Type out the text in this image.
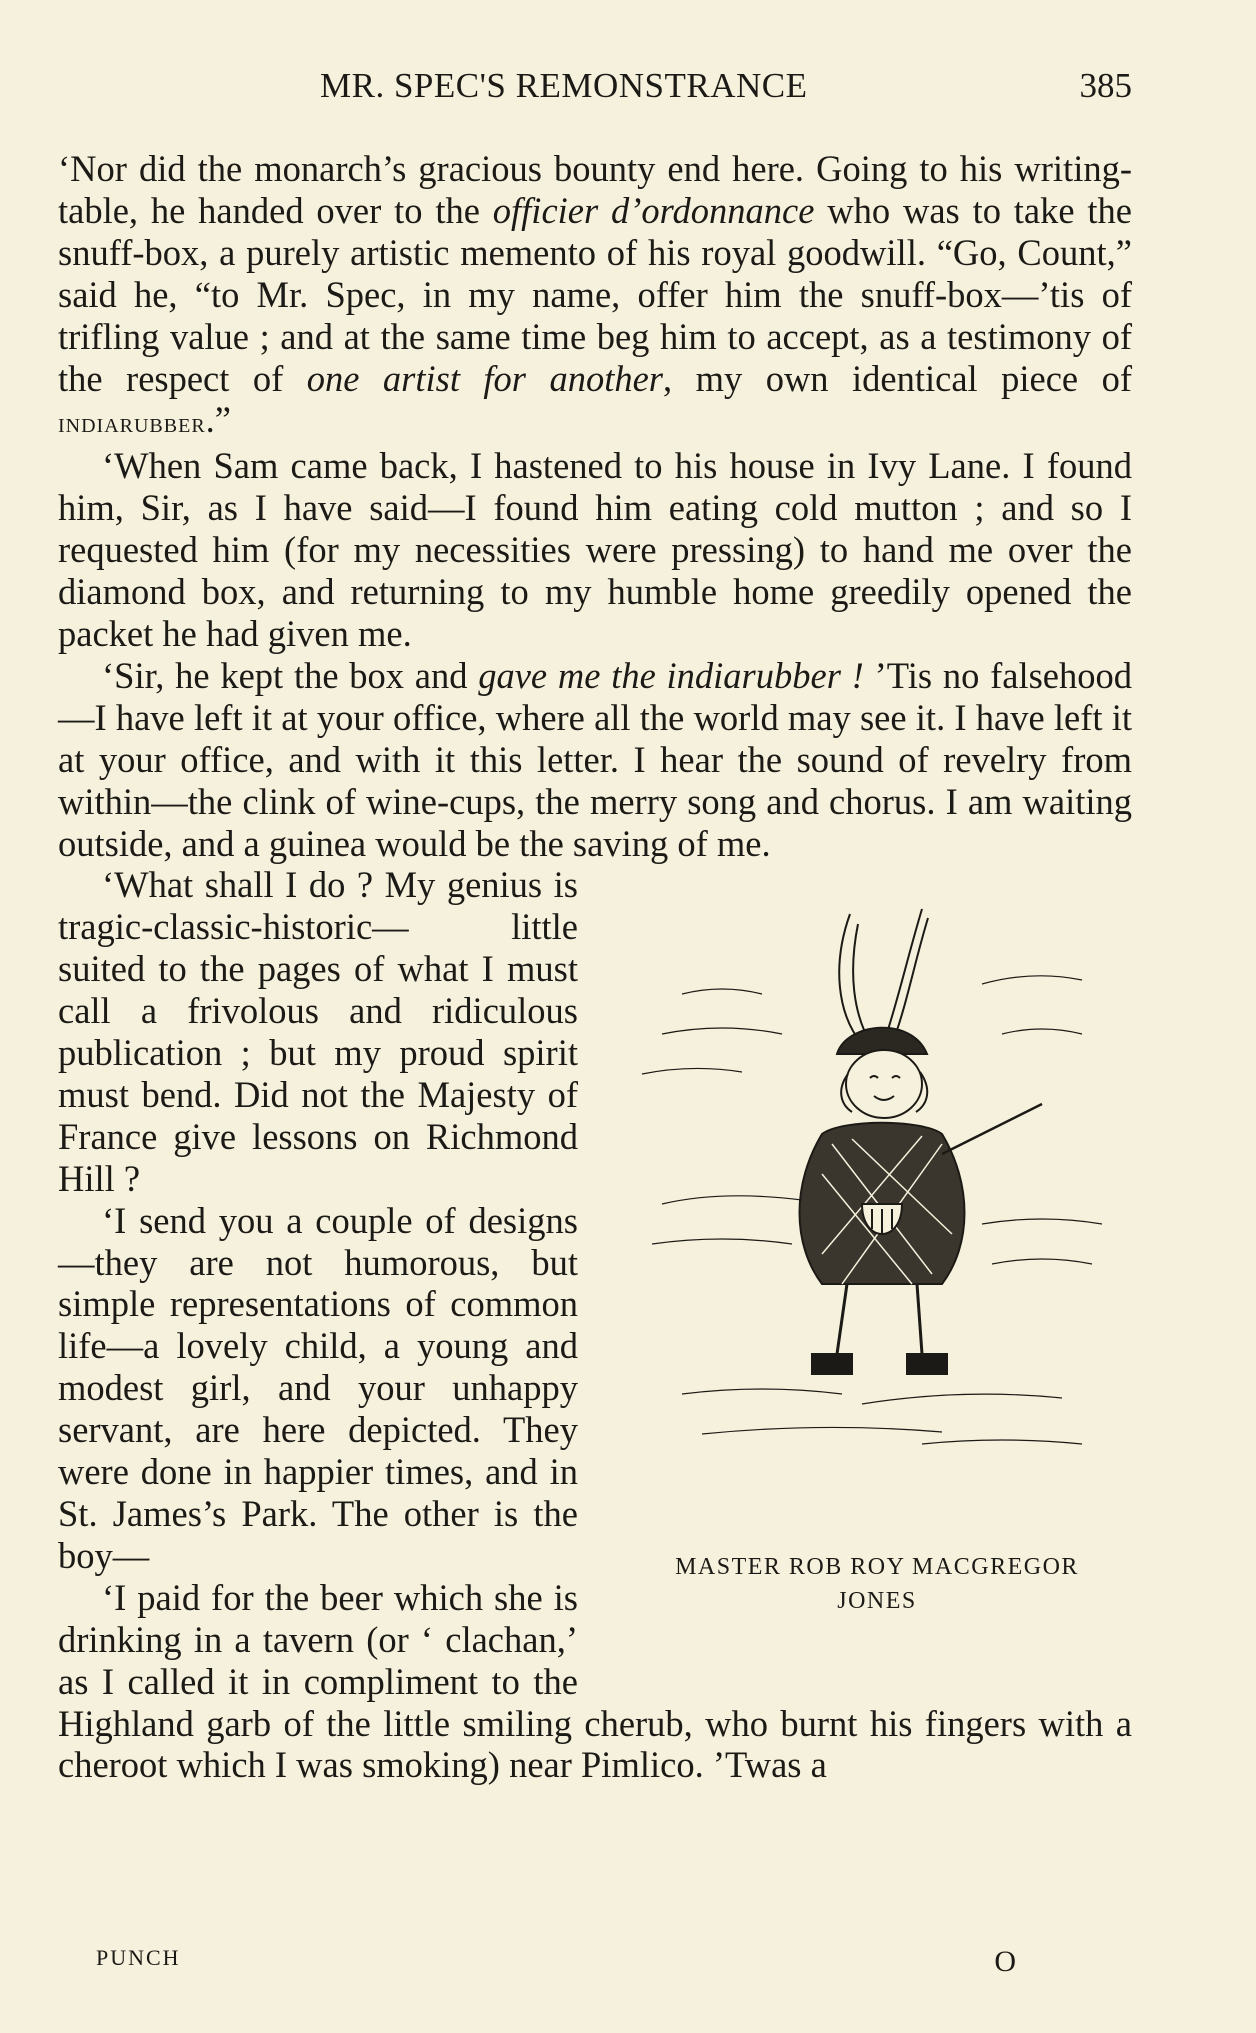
MR. SPEC'S REMONSTRANCE	385

‘Nor did the monarch’s gracious bounty end here. Going to his writing-table, he handed over to the officier d’ordonnance who was to take the snuff-box, a purely artistic memento of his royal goodwill. “Go, Count,” said he, “to Mr. Spec, in my name, offer him the snuff-box—’tis of trifling value ; and at the same time beg him to accept, as a testimony of the respect of one artist for another, my own identical piece of indiarubber.”

‘When Sam came back, I hastened to his house in Ivy Lane. I found him, Sir, as I have said—I found him eating cold mutton ; and so I requested him (for my necessities were pressing) to hand me over the diamond box, and returning to my humble home greedily opened the packet he had given me.

‘Sir, he kept the box and gave me the indiarubber ! ’Tis no falsehood—I have left it at your office, where all the world may see it. I have left it at your office, and with it this letter. I hear the sound of revelry from within—the clink of wine-cups, the merry song and chorus. I am waiting outside, and a guinea would be the saving of me.

MASTER ROB ROY MACGREGOR
JONES

‘What shall I do ? My genius is tragic-classic-historic— little suited to the pages of what I must call a frivolous and ridiculous publication ; but my proud spirit must bend. Did not the Majesty of France give lessons on Richmond Hill ?

‘I send you a couple of designs—they are not humorous, but simple representations of common life—a lovely child, a young and modest girl, and your unhappy servant, are here depicted. They were done in happier times, and in St. James’s Park. The other is the boy—

‘I paid for the beer which she is drinking in a tavern (or ‘ clachan,’ as I called it in compliment to the Highland garb of the little smiling cherub, who burnt his fingers with a cheroot which I was smoking) near Pimlico. ’Twas a

PUNCH	O
